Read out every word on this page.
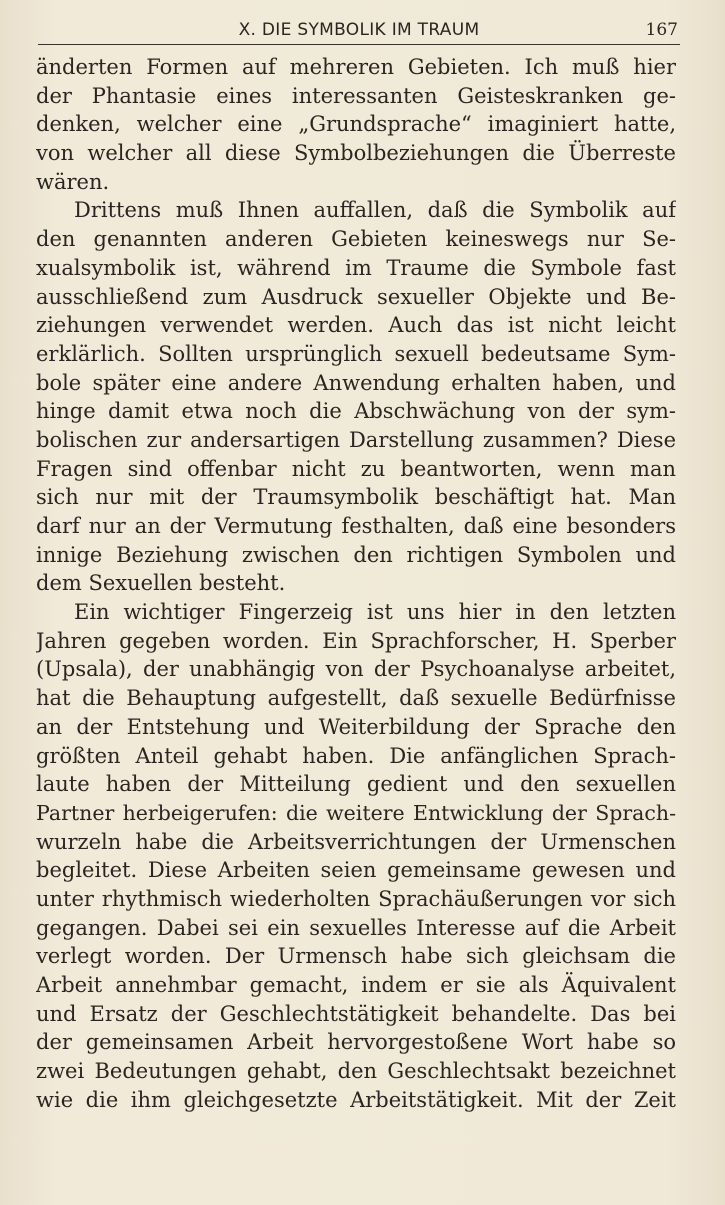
X. DIE SYMBOLIK IM TRAUM	167
änderten Formen auf mehreren Gebieten. Ich muß hier
der Phantasie eines interessanten Geisteskranken ge-
denken, welcher eine „Grundsprache“ imaginiert hatte,
von welcher all diese Symbolbeziehungen die Überreste
wären.
Drittens muß Ihnen auffallen, daß die Symbolik auf
den genannten anderen Gebieten keineswegs nur Se-
xualsymbolik ist, während im Traume die Symbole fast
ausschließend zum Ausdruck sexueller Objekte und Be-
ziehungen verwendet werden. Auch das ist nicht leicht
erklärlich. Sollten ursprünglich sexuell bedeutsame Sym-
bole später eine andere Anwendung erhalten haben, und
hinge damit etwa noch die Abschwächung von der sym-
bolischen zur andersartigen Darstellung zusammen? Diese
Fragen sind offenbar nicht zu beantworten, wenn man
sich nur mit der Traumsymbolik beschäftigt hat. Man
darf nur an der Vermutung festhalten, daß eine besonders
innige Beziehung zwischen den richtigen Symbolen und
dem Sexuellen besteht.
Ein wichtiger Fingerzeig ist uns hier in den letzten
Jahren gegeben worden. Ein Sprachforscher, H. Sperber
(Upsala), der unabhängig von der Psychoanalyse arbeitet,
hat die Behauptung aufgestellt, daß sexuelle Bedürfnisse
an der Entstehung und Weiterbildung der Sprache den
größten Anteil gehabt haben. Die anfänglichen Sprach-
laute haben der Mitteilung gedient und den sexuellen
Partner herbeigerufen: die weitere Entwicklung der Sprach-
wurzeln habe die Arbeitsverrichtungen der Urmenschen
begleitet. Diese Arbeiten seien gemeinsame gewesen und
unter rhythmisch wiederholten Sprachäußerungen vor sich
gegangen. Dabei sei ein sexuelles Interesse auf die Arbeit
verlegt worden. Der Urmensch habe sich gleichsam die
Arbeit annehmbar gemacht, indem er sie als Äquivalent
und Ersatz der Geschlechtstätigkeit behandelte. Das bei
der gemeinsamen Arbeit hervorgestoßene Wort habe so
zwei Bedeutungen gehabt, den Geschlechtsakt bezeichnet
wie die ihm gleichgesetzte Arbeitstätigkeit. Mit der Zeit
